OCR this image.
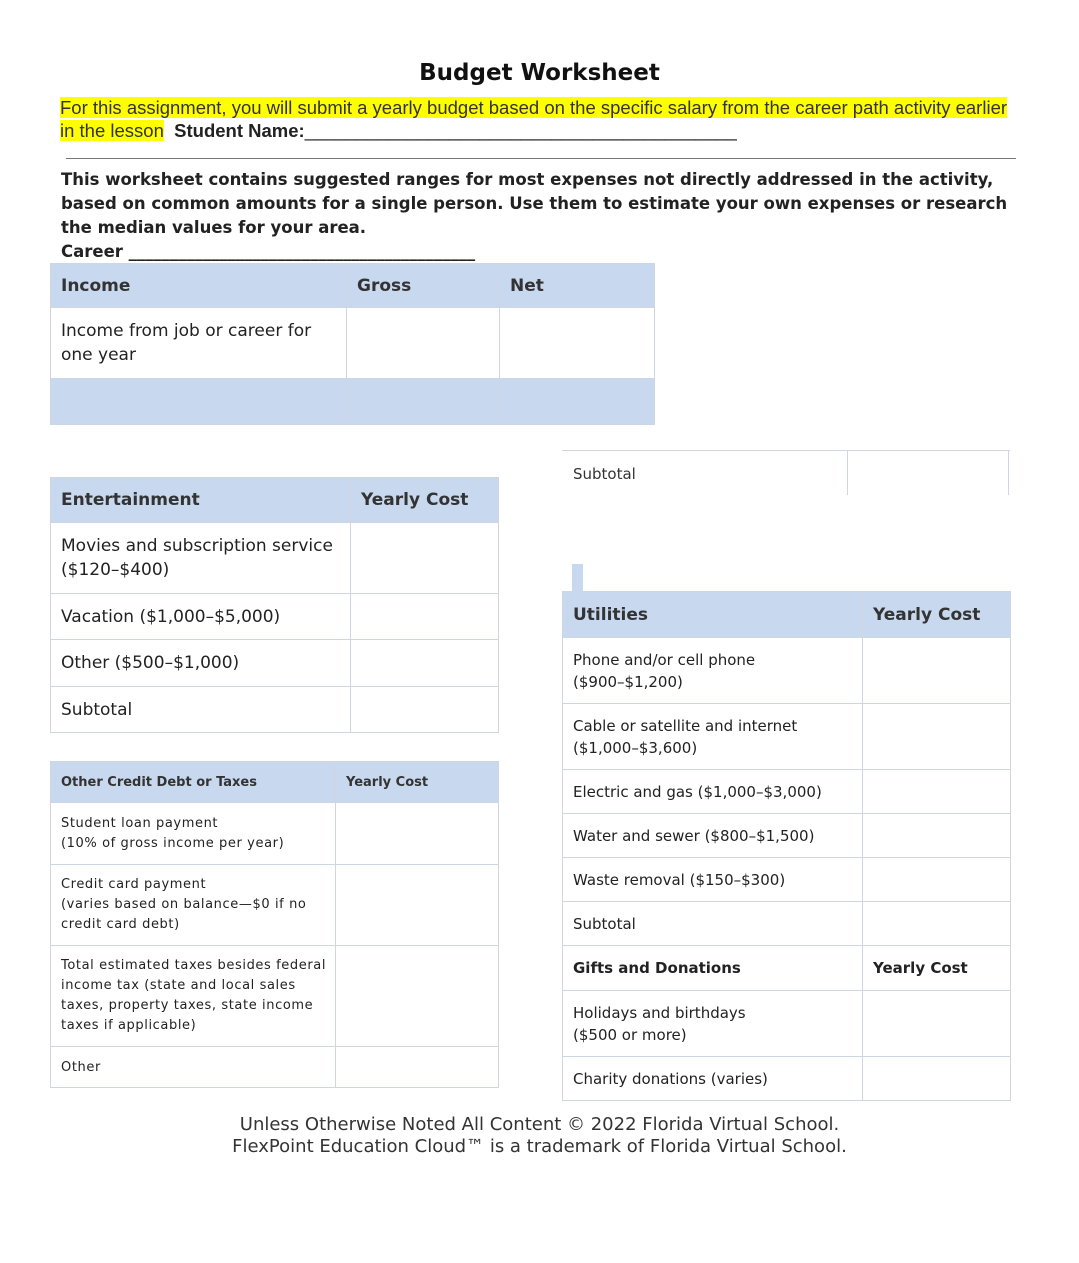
Budget Worksheet
For this assignment, you will submit a yearly budget based on the specific salary from the career path activity earlier in the lesson Student Name:__________________________________________
This worksheet contains suggested ranges for most expenses not directly addressed in the activity, based on common amounts for a single person. Use them to estimate your own expenses or research the median values for your area.
Career __________________________________________
Income	Gross	Net
Income from job or career for one year		

Subtotal
Entertainment	Yearly Cost
Movies and subscription service ($120–$400)	
Vacation ($1,000–$5,000)	
Other ($500–$1,000)	
Subtotal	
Other Credit Debt or Taxes	Yearly Cost
Student loan payment
(10% of gross income per year)	
Credit card payment
(varies based on balance—$0 if no credit card debt)	
Total estimated taxes besides federal income tax (state and local sales taxes, property taxes, state income taxes if applicable)	
Other	
Utilities	Yearly Cost
Phone and/or cell phone
($900–$1,200)	
Cable or satellite and internet
($1,000–$3,600)	
Electric and gas ($1,000–$3,000)	
Water and sewer ($800–$1,500)	
Waste removal ($150–$300)	
Subtotal	
Gifts and Donations	Yearly Cost
Holidays and birthdays
($500 or more)	
Charity donations (varies)	
Unless Otherwise Noted All Content © 2022 Florida Virtual School.
FlexPoint Education Cloud™ is a trademark of Florida Virtual School.
